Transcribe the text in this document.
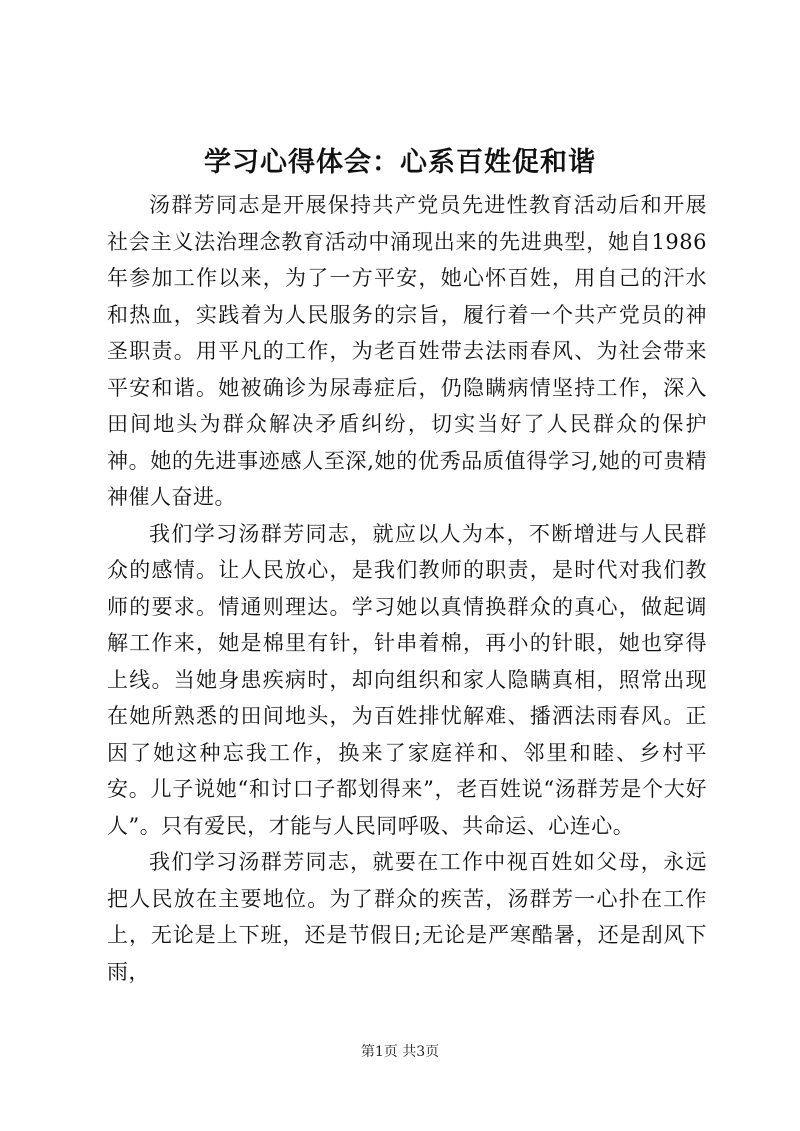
学习心得体会：心系百姓促和谐

汤群芳同志是开展保持共产党员先进性教育活动后和开展社会主义法治理念教育活动中涌现出来的先进典型，她自1986年参加工作以来，为了一方平安，她心怀百姓，用自己的汗水和热血，实践着为人民服务的宗旨，履行着一个共产党员的神圣职责。用平凡的工作，为老百姓带去法雨春风、为社会带来平安和谐。她被确诊为尿毒症后，仍隐瞒病情坚持工作，深入田间地头为群众解决矛盾纠纷，切实当好了人民群众的保护神。她的先进事迹感人至深,她的优秀品质值得学习,她的可贵精神催人奋进。

我们学习汤群芳同志，就应以人为本，不断增进与人民群众的感情。让人民放心，是我们教师的职责，是时代对我们教师的要求。情通则理达。学习她以真情换群众的真心，做起调解工作来，她是棉里有针，针串着棉，再小的针眼，她也穿得上线。当她身患疾病时，却向组织和家人隐瞒真相，照常出现在她所熟悉的田间地头，为百姓排忧解难、播洒法雨春风。正因了她这种忘我工作，换来了家庭祥和、邻里和睦、乡村平安。儿子说她“和讨口子都划得来”，老百姓说“汤群芳是个大好人”。只有爱民，才能与人民同呼吸、共命运、心连心。

我们学习汤群芳同志，就要在工作中视百姓如父母，永远把人民放在主要地位。为了群众的疾苦，汤群芳一心扑在工作上，无论是上下班，还是节假日;无论是严寒酷暑，还是刮风下雨，

第1页 共3页
